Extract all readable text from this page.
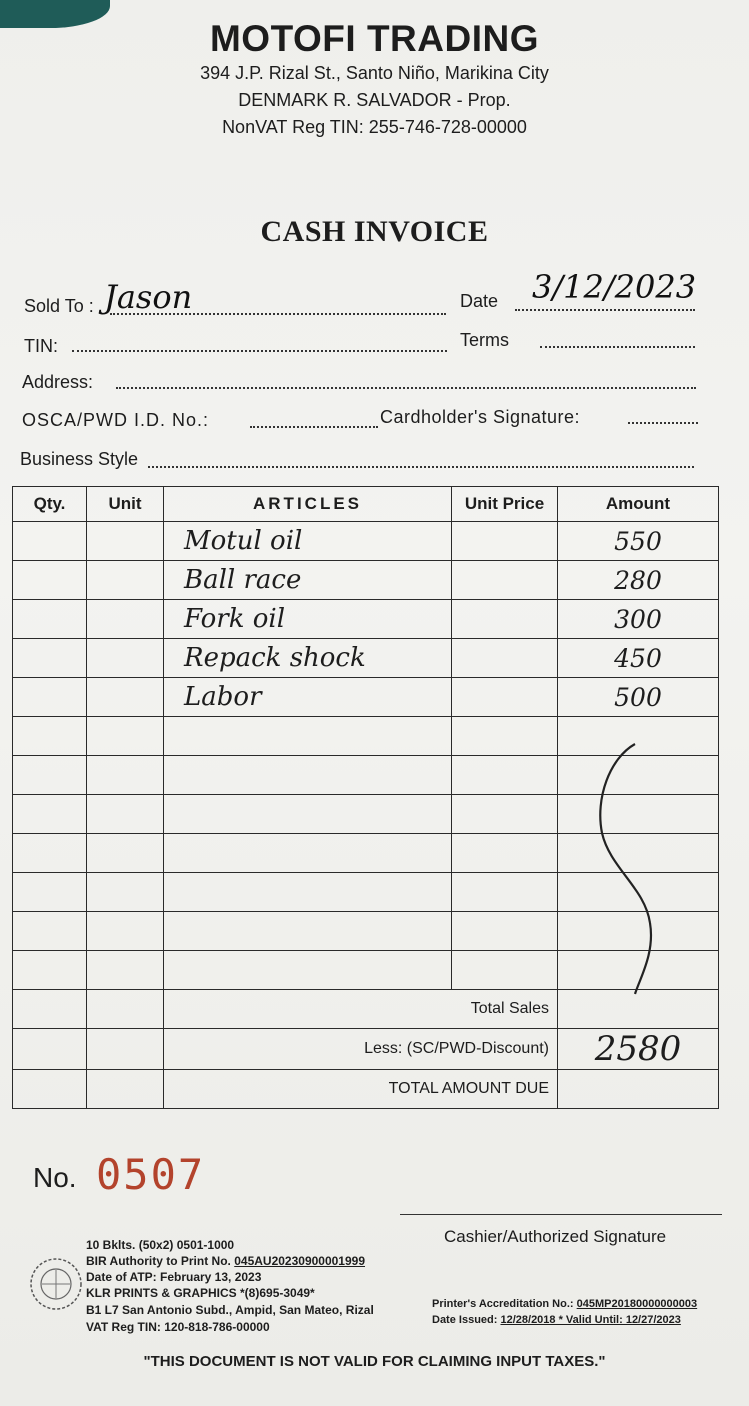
MOTOFI TRADING
394 J.P. Rizal St., Santo Niño, Marikina City
DENMARK R. SALVADOR - Prop.
NonVAT Reg TIN: 255-746-728-00000
CASH INVOICE
Sold To : Jason	Date 3/12/2023
TIN:	Terms
Address:
OSCA/PWD I.D. No.:	Cardholder's Signature:
Business Style
Qty.	Unit	ARTICLES	Unit Price	Amount
		Motul oil		550
		Ball race		280
		Fork oil		300
		Repack shock		450
		Labor		500

		Total Sales		
		Less: (SC/PWD-Discount)		2580
		TOTAL AMOUNT DUE		
No. 0507
Cashier/Authorized Signature
10 Bklts. (50x2) 0501-1000
BIR Authority to Print No. 045AU20230900001999
Date of ATP: February 13, 2023
KLR PRINTS & GRAPHICS *(8)695-3049*
B1 L7 San Antonio Subd., Ampid, San Mateo, Rizal
VAT Reg TIN: 120-818-786-00000
Printer's Accreditation No.: 045MP20180000000003
Date Issued: 12/28/2018 * Valid Until: 12/27/2023
"THIS DOCUMENT IS NOT VALID FOR CLAIMING INPUT TAXES."
